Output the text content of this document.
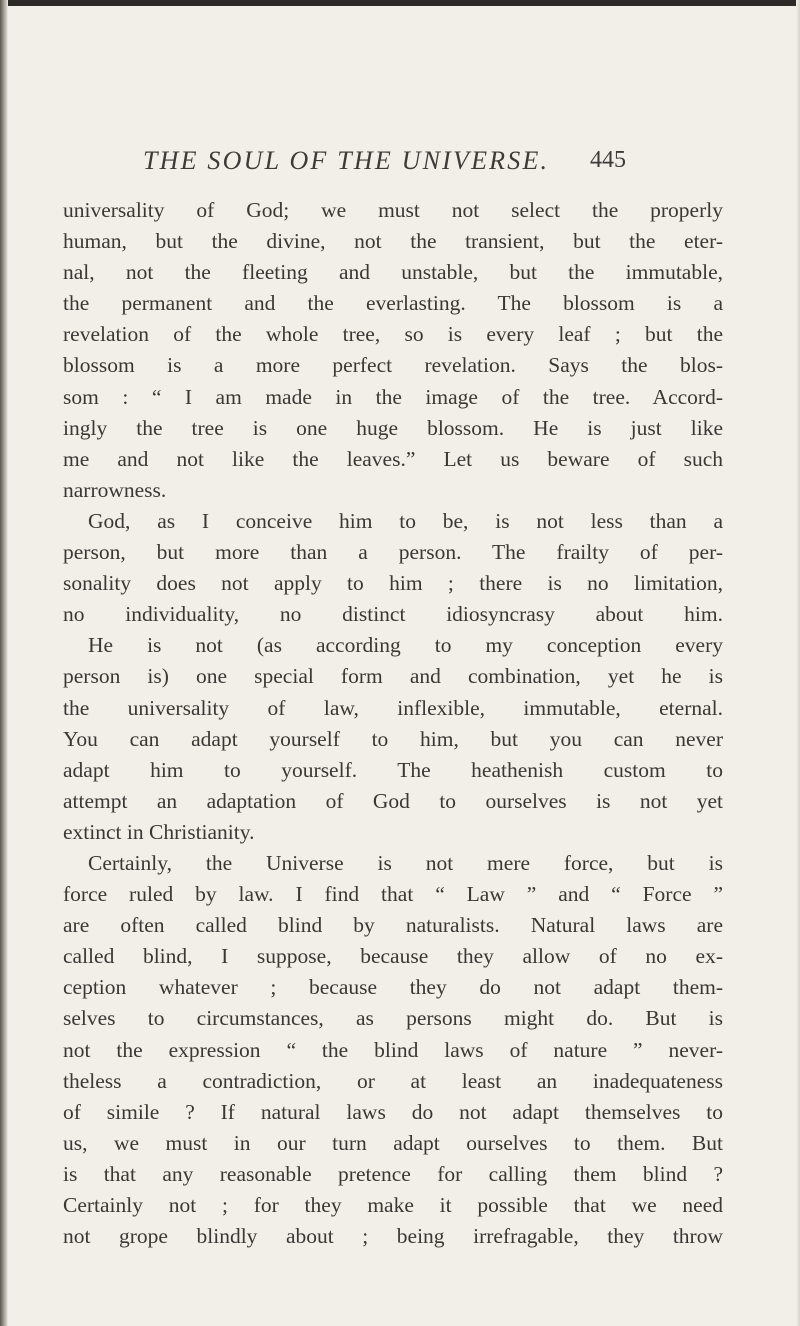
THE SOUL OF THE UNIVERSE. 445
universality of God; we must not select the properly
human, but the divine, not the transient, but the eter-
nal, not the fleeting and unstable, but the immutable,
the permanent and the everlasting. The blossom is a
revelation of the whole tree, so is every leaf ; but the
blossom is a more perfect revelation. Says the blos-
som : “ I am made in the image of the tree. Accord-
ingly the tree is one huge blossom. He is just like
me and not like the leaves.” Let us beware of such
narrowness.
God, as I conceive him to be, is not less than a
person, but more than a person. The frailty of per-
sonality does not apply to him ; there is no limitation,
no individuality, no distinct idiosyncrasy about him.
He is not (as according to my conception every
person is) one special form and combination, yet he is
the universality of law, inflexible, immutable, eternal.
You can adapt yourself to him, but you can never
adapt him to yourself. The heathenish custom to
attempt an adaptation of God to ourselves is not yet
extinct in Christianity.
Certainly, the Universe is not mere force, but is
force ruled by law. I find that “ Law ” and “ Force ”
are often called blind by naturalists. Natural laws are
called blind, I suppose, because they allow of no ex-
ception whatever ; because they do not adapt them-
selves to circumstances, as persons might do. But is
not the expression “ the blind laws of nature ” never-
theless a contradiction, or at least an inadequateness
of simile ? If natural laws do not adapt themselves to
us, we must in our turn adapt ourselves to them. But
is that any reasonable pretence for calling them blind ?
Certainly not ; for they make it possible that we need
not grope blindly about ; being irrefragable, they throw
